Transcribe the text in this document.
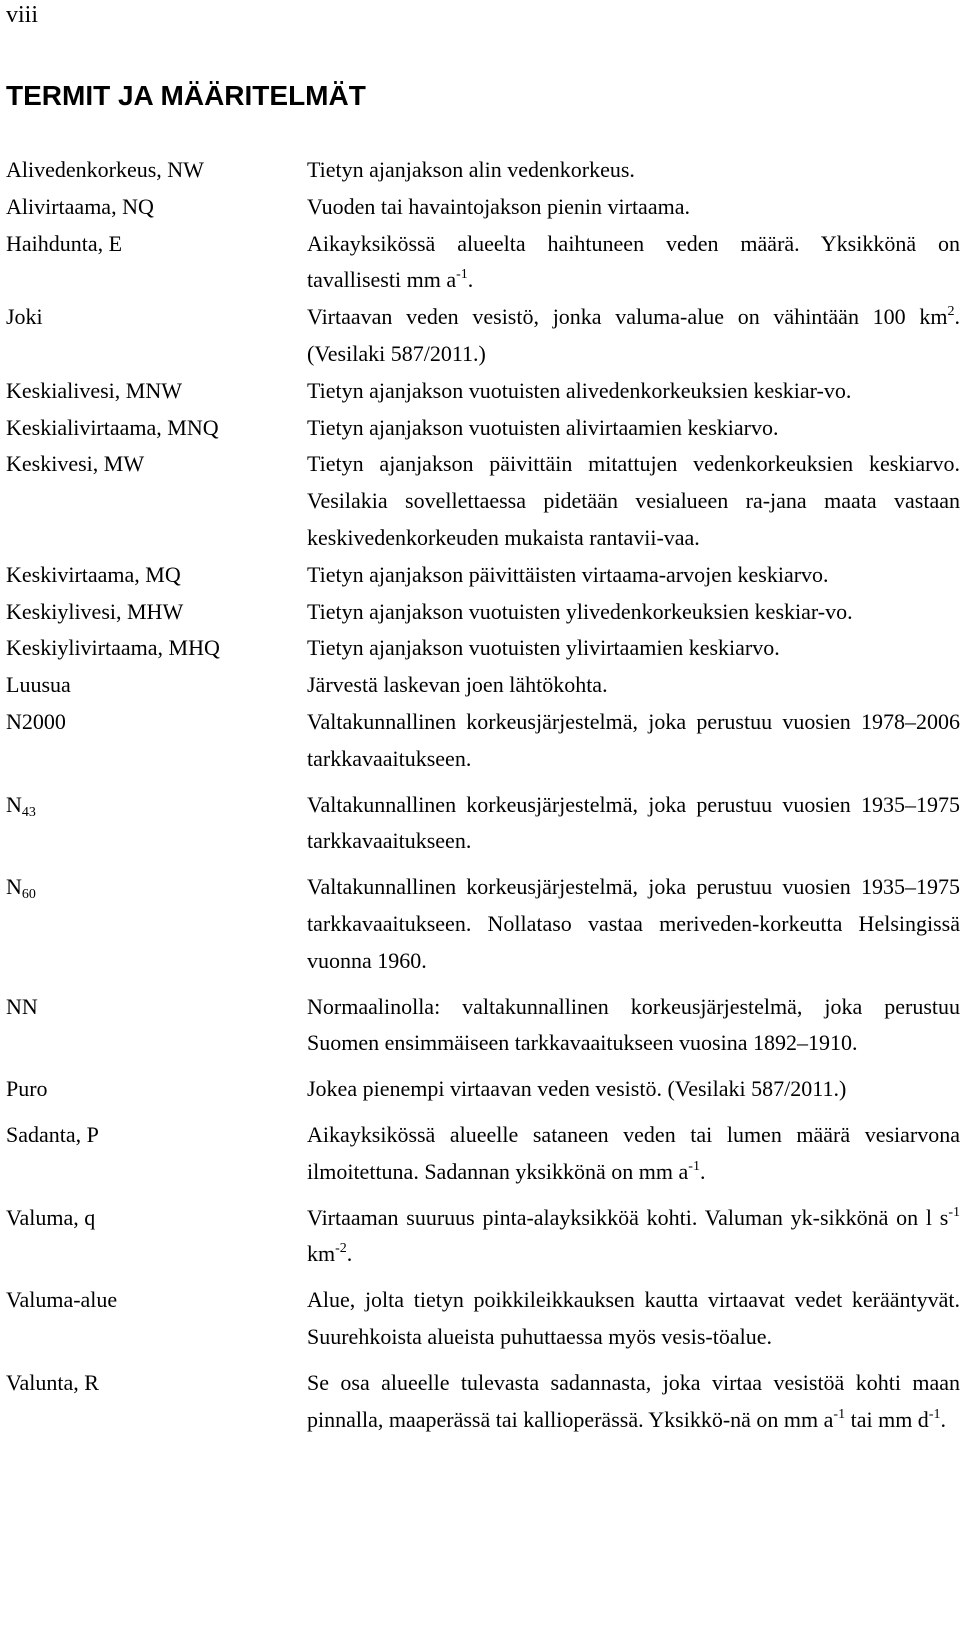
viii
TERMIT JA MÄÄRITELMÄT
Alivedenkorkeus, NW	Tietyn ajanjakson alin vedenkorkeus.
Alivirtaama, NQ	Vuoden tai havaintojakson pienin virtaama.
Haihdunta, E	Aikayksikössä alueelta haihtuneen veden määrä. Yksikkönä on tavallisesti mm $a^{-1}$.
Joki	Virtaavan veden vesistö, jonka valuma-alue on vähintään 100 $km^2$. (Vesilaki 587/2011.)
Keskialivesi, MNW	Tietyn ajanjakson vuotuisten alivedenkorkeuksien keskiar-vo.
Keskialivirtaama, MNQ	Tietyn ajanjakson vuotuisten alivirtaamien keskiarvo.
Keskivesi, MW	Tietyn ajanjakson päivittäin mitattujen vedenkorkeuksien keskiarvo. Vesilakia sovellettaessa pidetään vesialueen ra-jana maata vastaan keskivedenkorkeuden mukaista rantavii-vaa.
Keskivirtaama, MQ	Tietyn ajanjakson päivittäisten virtaama-arvojen keskiarvo.
Keskiylivesi, MHW	Tietyn ajanjakson vuotuisten ylivedenkorkeuksien keskiar-vo.
Keskiylivirtaama, MHQ	Tietyn ajanjakson vuotuisten ylivirtaamien keskiarvo.
Luusua	Järvestä laskevan joen lähtökohta.
N2000	Valtakunnallinen korkeusjärjestelmä, joka perustuu vuosien 1978–2006 tarkkavaaitukseen.
$N_{43}$	Valtakunnallinen korkeusjärjestelmä, joka perustuu vuosien 1935–1975 tarkkavaaitukseen.
$N_{60}$	Valtakunnallinen korkeusjärjestelmä, joka perustuu vuosien 1935–1975 tarkkavaaitukseen. Nollataso vastaa meriveden-korkeutta Helsingissä vuonna 1960.
NN	Normaalinolla: valtakunnallinen korkeusjärjestelmä, joka perustuu Suomen ensimmäiseen tarkkavaaitukseen vuosina 1892–1910.
Puro	Jokea pienempi virtaavan veden vesistö. (Vesilaki 587/2011.)
Sadanta, P	Aikayksikössä alueelle sataneen veden tai lumen määrä vesiarvona ilmoitettuna. Sadannan yksikkönä on mm $a^{-1}$.
Valuma, q	Virtaaman suuruus pinta-alayksikköä kohti. Valuman yk-sikkönä on l $s^{-1}$ $km^{-2}$.
Valuma-alue	Alue, jolta tietyn poikkileikkauksen kautta virtaavat vedet kerääntyvät. Suurehkoista alueista puhuttaessa myös vesis-töalue.
Valunta, R	Se osa alueelle tulevasta sadannasta, joka virtaa vesistöä kohti maan pinnalla, maaperässä tai kallioperässä. Yksikkö-nä on mm $a^{-1}$ tai mm $d^{-1}$.
